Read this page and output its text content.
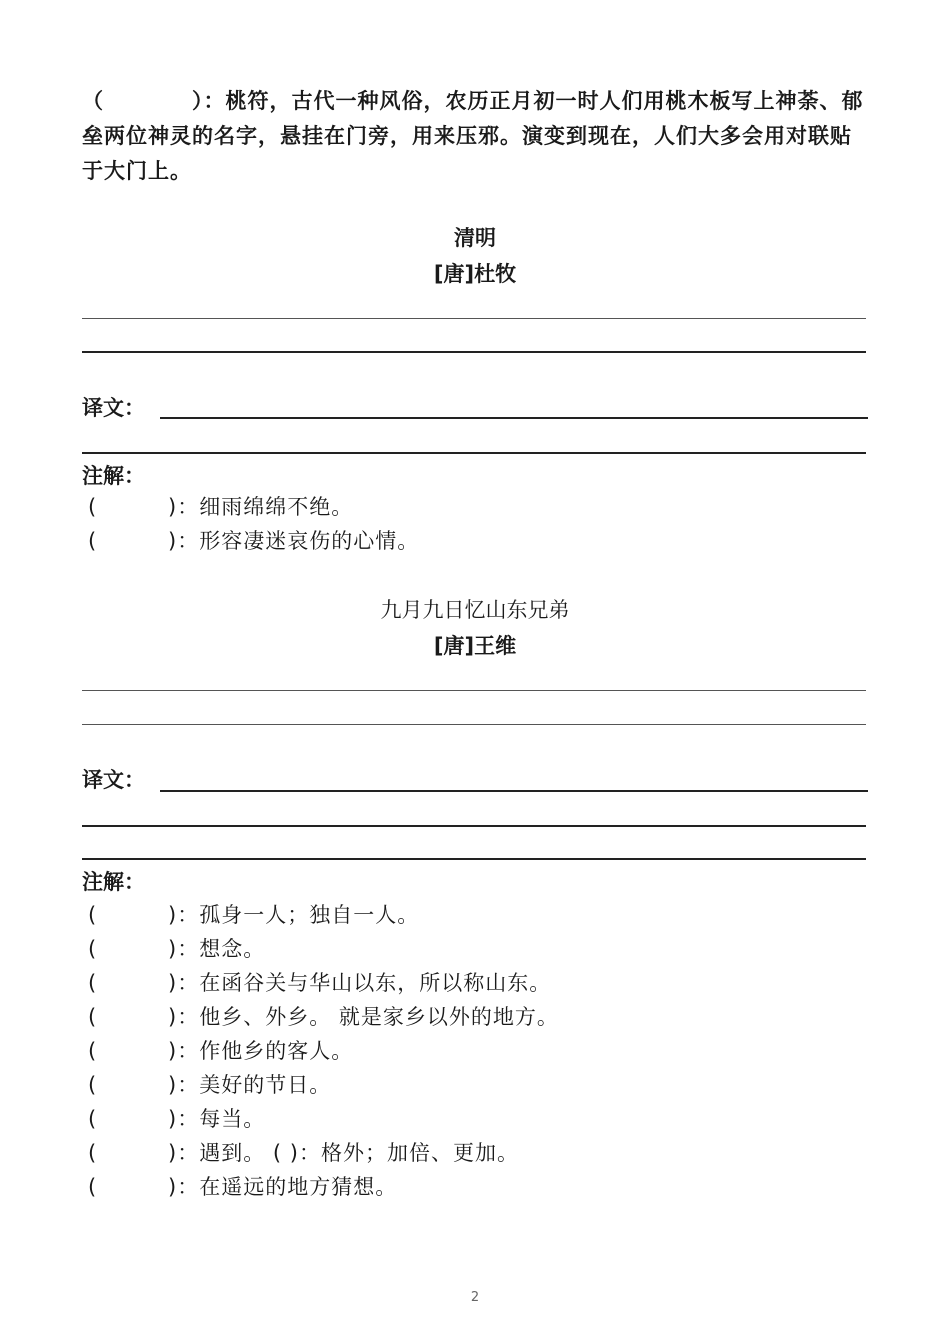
（　　　　）：桃符，古代一种风俗，农历正月初一时人们用桃木板写上神荼、郁垒两位神灵的名字，悬挂在门旁，用来压邪。演变到现在，人们大多会用对联贴于大门上。
清明
[唐]杜牧
译文：
注解：
(	)：细雨绵绵不绝。
(	)：形容凄迷哀伤的心情。
九月九日忆山东兄弟
[唐]王维
译文：
注解：
(	)：孤身一人；独自一人。
(	)：想念。
(	)：在函谷关与华山以东，所以称山东。
(	)：他乡、外乡。 就是家乡以外的地方。
(	)：作他乡的客人。
(	)：美好的节日。
(	)：每当。
(	)：遇到。 ( )：格外；加倍、更加。
(	)：在遥远的地方猜想。
2
